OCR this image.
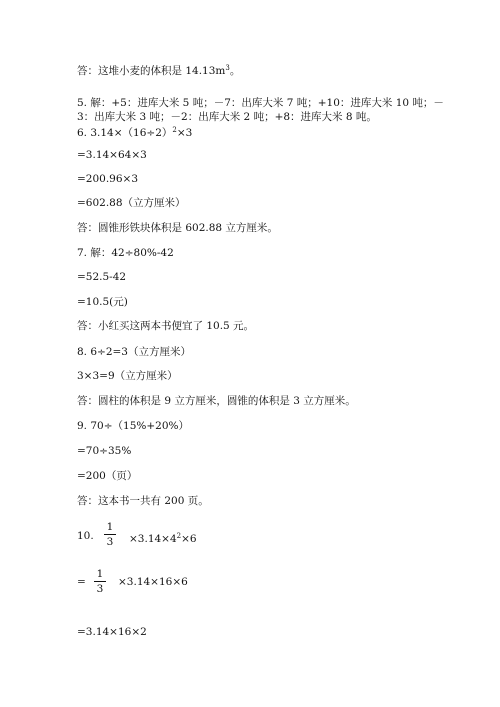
答：这堆小麦的体积是 $14.13m^3$。
5. 解：+5：进库大米 5 吨；－7：出库大米 7 吨；+10：进库大米 10 吨；－
3：出库大米 3 吨；－2：出库大米 2 吨；+8：进库大米 8 吨。
6. $3.14\times(16\div 2)^2\times 3$
=3.14×64×3
=200.96×3
=602.88（立方厘米）
答：圆锥形铁块体积是 602.88 立方厘米。
7. 解：42÷80%-42
=52.5-42
=10.5(元)
答：小红买这两本书便宜了 10.5 元。
8. 6÷2=3（立方厘米）
3×3=9（立方厘米）
答：圆柱的体积是 9 立方厘米，圆锥的体积是 3 立方厘米。
9. 70÷（15%+20%）
=70÷35%
=200（页）
答：这本书一共有 200 页。
10.
1
$3 \times 3.14\times 4^2\times 6$
=
1
3
×3.14×16×6
=3.14×16×2
